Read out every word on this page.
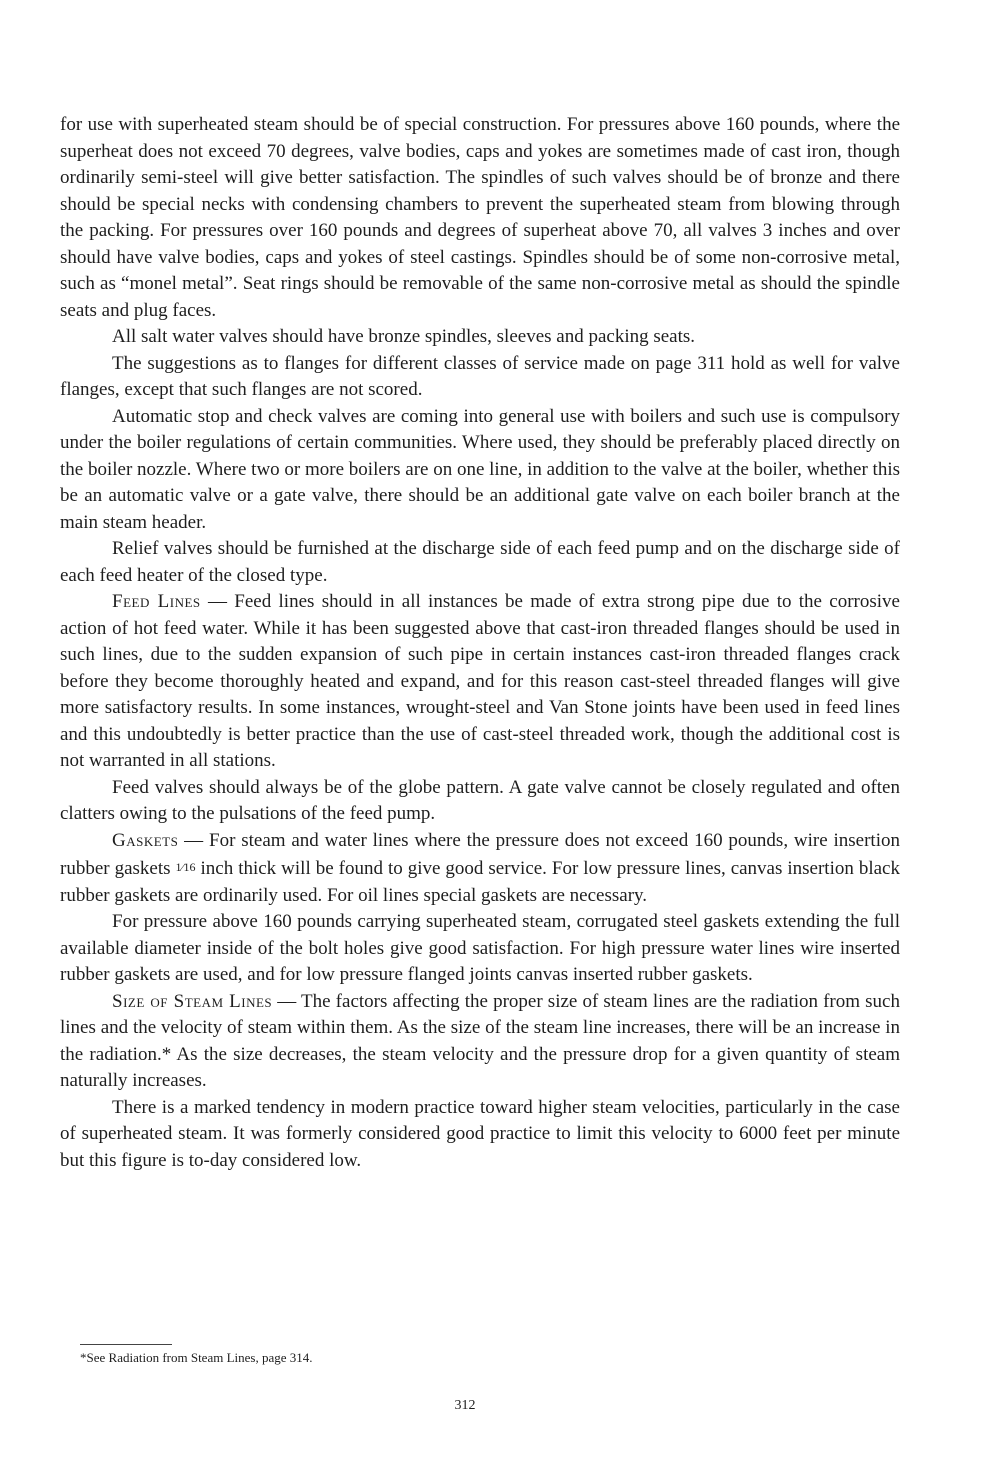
for use with superheated steam should be of special construction. For pressures above 160 pounds, where the superheat does not exceed 70 degrees, valve bodies, caps and yokes are sometimes made of cast iron, though ordinarily semi-steel will give better satisfaction. The spindles of such valves should be of bronze and there should be special necks with condensing chambers to prevent the superheated steam from blowing through the packing. For pressures over 160 pounds and degrees of superheat above 70, all valves 3 inches and over should have valve bodies, caps and yokes of steel castings. Spindles should be of some non-corrosive metal, such as “monel metal”. Seat rings should be removable of the same non-corrosive metal as should the spindle seats and plug faces.

All salt water valves should have bronze spindles, sleeves and packing seats.

The suggestions as to flanges for different classes of service made on page 311 hold as well for valve flanges, except that such flanges are not scored.

Automatic stop and check valves are coming into general use with boilers and such use is compulsory under the boiler regulations of certain communities. Where used, they should be preferably placed directly on the boiler nozzle. Where two or more boilers are on one line, in addition to the valve at the boiler, whether this be an automatic valve or a gate valve, there should be an additional gate valve on each boiler branch at the main steam header.

Relief valves should be furnished at the discharge side of each feed pump and on the discharge side of each feed heater of the closed type.

Feed Lines — Feed lines should in all instances be made of extra strong pipe due to the corrosive action of hot feed water. While it has been suggested above that cast-iron threaded flanges should be used in such lines, due to the sudden expansion of such pipe in certain instances cast-iron threaded flanges crack before they become thoroughly heated and expand, and for this reason cast-steel threaded flanges will give more satisfactory results. In some instances, wrought-steel and Van Stone joints have been used in feed lines and this undoubtedly is better practice than the use of cast-steel threaded work, though the additional cost is not warranted in all stations.

Feed valves should always be of the globe pattern. A gate valve cannot be closely regulated and often clatters owing to the pulsations of the feed pump.

Gaskets — For steam and water lines where the pressure does not exceed 160 pounds, wire insertion rubber gaskets 1⁄16 inch thick will be found to give good service. For low pressure lines, canvas insertion black rubber gaskets are ordinarily used. For oil lines special gaskets are necessary.

For pressure above 160 pounds carrying superheated steam, corrugated steel gaskets extending the full available diameter inside of the bolt holes give good satisfaction. For high pressure water lines wire inserted rubber gaskets are used, and for low pressure flanged joints canvas inserted rubber gaskets.

Size of Steam Lines — The factors affecting the proper size of steam lines are the radiation from such lines and the velocity of steam within them. As the size of the steam line increases, there will be an increase in the radiation.* As the size decreases, the steam velocity and the pressure drop for a given quantity of steam naturally increases.

There is a marked tendency in modern practice toward higher steam velocities, particularly in the case of superheated steam. It was formerly considered good practice to limit this velocity to 6000 feet per minute but this figure is to-day considered low.

*See Radiation from Steam Lines, page 314.
312
